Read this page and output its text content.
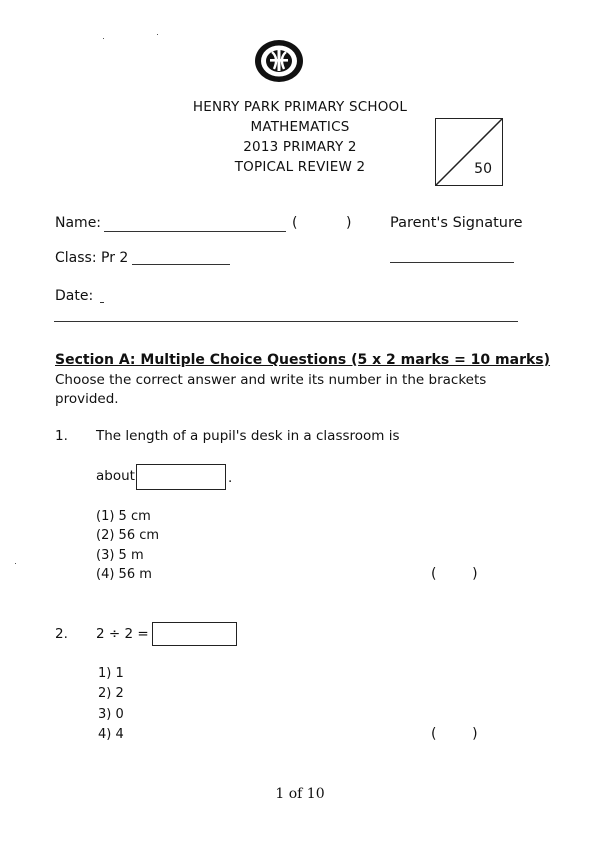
HENRY PARK PRIMARY SCHOOL
MATHEMATICS
2013 PRIMARY 2
TOPICAL REVIEW 2	50
Name:	(	)	Parent's Signature
Class: Pr 2
Date:
Section A: Multiple Choice Questions (5 x 2 marks = 10 marks)
Choose the correct answer and write its number in the brackets provided.
1. The length of a pupil's desk in a classroom is
about	.
(1) 5 cm
(2) 56 cm
(3) 5 m
(4) 56 m	(        )
2. 2 ÷ 2 =
1) 1
2) 2
3) 0
4) 4	(        )
1 of 10
